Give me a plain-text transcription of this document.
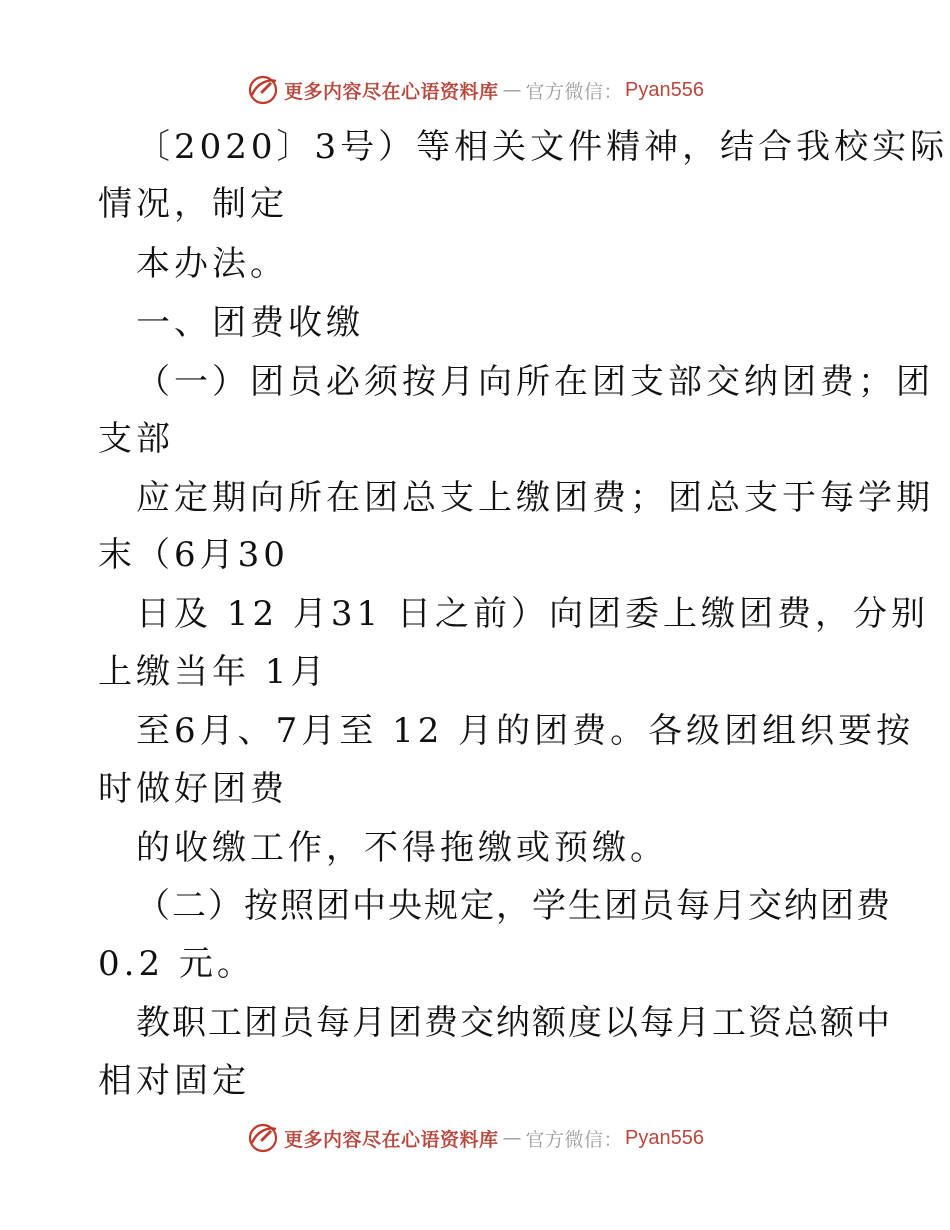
更多内容尽在心语资料库 — 官方微信： Pyan556
〔2020〕3号）等相关文件精神，结合我校实际
情况，制定
本办法。
一、团费收缴
（一）团员必须按月向所在团支部交纳团费；团
支部
应定期向所在团总支上缴团费；团总支于每学期
末（6月30
日及 12 月31 日之前）向团委上缴团费，分别
上缴当年 1月
至6月、7月至 12 月的团费。各级团组织要按
时做好团费
的收缴工作，不得拖缴或预缴。
（二）按照团中央规定，学生团员每月交纳团费
0.2 元。
教职工团员每月团费交纳额度以每月工资总额中
相对固定
更多内容尽在心语资料库 — 官方微信： Pyan556
